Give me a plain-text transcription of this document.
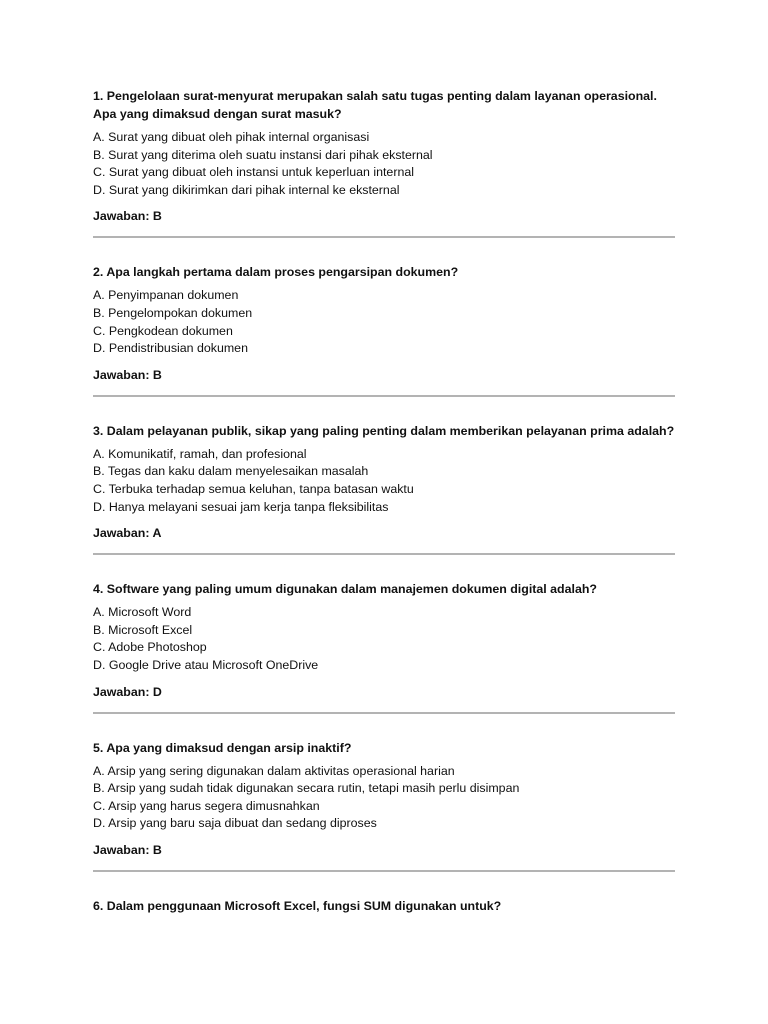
1. Pengelolaan surat-menyurat merupakan salah satu tugas penting dalam layanan operasional. Apa yang dimaksud dengan surat masuk?

A. Surat yang dibuat oleh pihak internal organisasi
B. Surat yang diterima oleh suatu instansi dari pihak eksternal
C. Surat yang dibuat oleh instansi untuk keperluan internal
D. Surat yang dikirimkan dari pihak internal ke eksternal

Jawaban: B

2. Apa langkah pertama dalam proses pengarsipan dokumen?

A. Penyimpanan dokumen
B. Pengelompokan dokumen
C. Pengkodean dokumen
D. Pendistribusian dokumen

Jawaban: B

3. Dalam pelayanan publik, sikap yang paling penting dalam memberikan pelayanan prima adalah?

A. Komunikatif, ramah, dan profesional
B. Tegas dan kaku dalam menyelesaikan masalah
C. Terbuka terhadap semua keluhan, tanpa batasan waktu
D. Hanya melayani sesuai jam kerja tanpa fleksibilitas

Jawaban: A

4. Software yang paling umum digunakan dalam manajemen dokumen digital adalah?

A. Microsoft Word
B. Microsoft Excel
C. Adobe Photoshop
D. Google Drive atau Microsoft OneDrive

Jawaban: D

5. Apa yang dimaksud dengan arsip inaktif?

A. Arsip yang sering digunakan dalam aktivitas operasional harian
B. Arsip yang sudah tidak digunakan secara rutin, tetapi masih perlu disimpan
C. Arsip yang harus segera dimusnahkan
D. Arsip yang baru saja dibuat dan sedang diproses

Jawaban: B

6. Dalam penggunaan Microsoft Excel, fungsi SUM digunakan untuk?
